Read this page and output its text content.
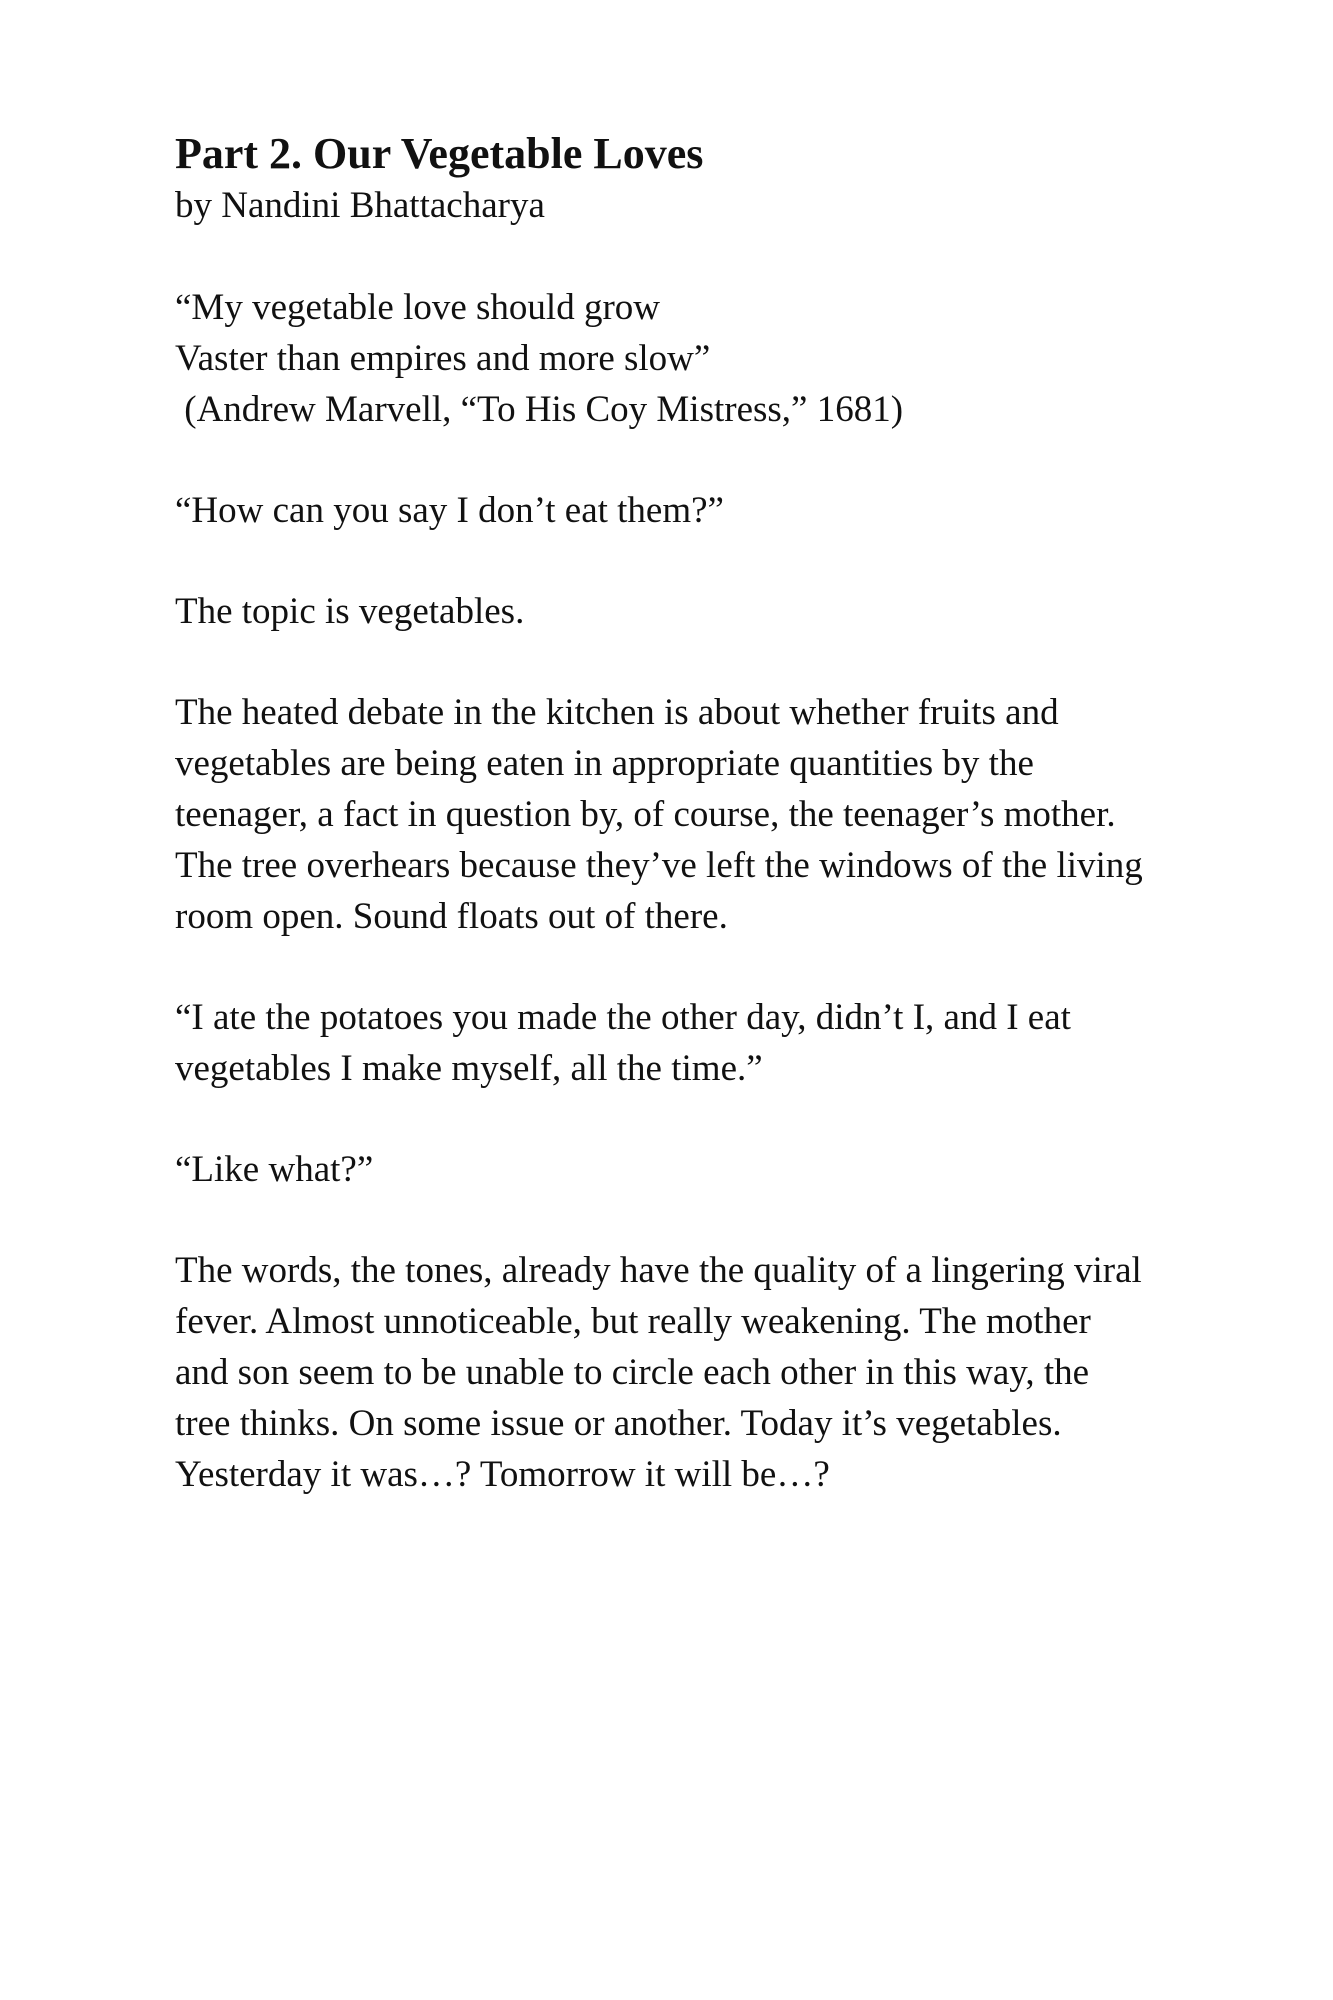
Part 2. Our Vegetable Loves

by Nandini Bhattacharya

“My vegetable love should grow
Vaster than empires and more slow”
(Andrew Marvell, “To His Coy Mistress,” 1681)
“How can you say I don’t eat them?”
The topic is vegetables.
The heated debate in the kitchen is about whether fruits and
vegetables are being eaten in appropriate quantities by the
teenager, a fact in question by, of course, the teenager’s mother.
The tree overhears because they’ve left the windows of the living
room open. Sound floats out of there.
“I ate the potatoes you made the other day, didn’t I, and I eat
vegetables I make myself, all the time.”
“Like what?”
The words, the tones, already have the quality of a lingering viral
fever. Almost unnoticeable, but really weakening. The mother
and son seem to be unable to circle each other in this way, the
tree thinks. On some issue or another. Today it’s vegetables.
Yesterday it was…? Tomorrow it will be…?
